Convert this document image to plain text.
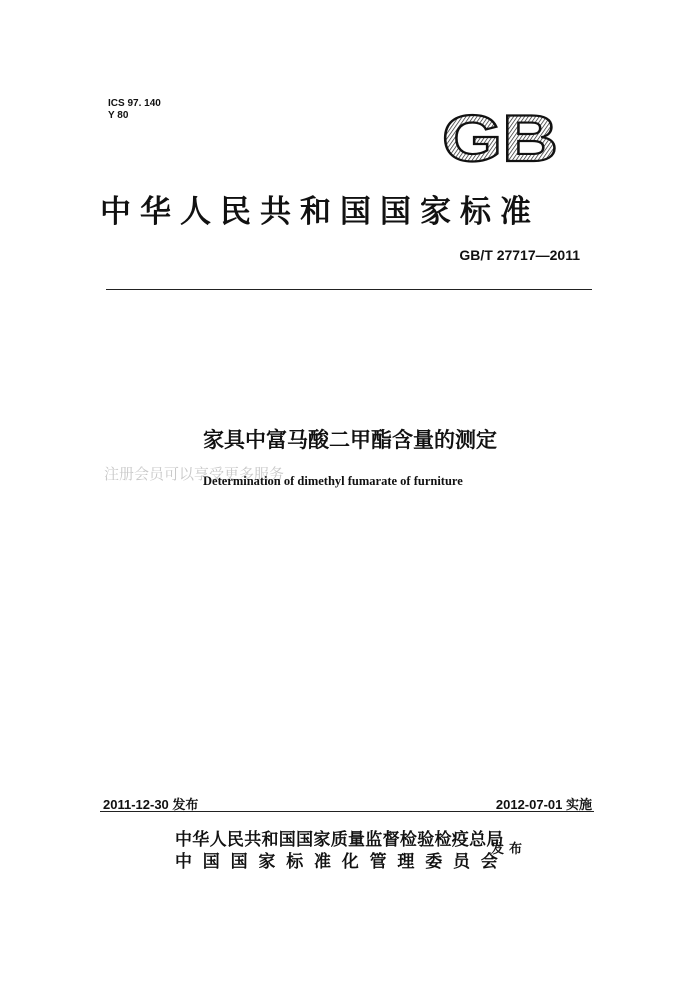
ICS 97. 140
Y 80	GB
中华人民共和国国家标准
GB/T 27717—2011
家具中富马酸二甲酯含量的测定
注册会员可以享受更多服务
Determination of dimethyl fumarate of furniture
2011-12-30 发布	2012-07-01 实施
中华人民共和国国家质量监督检验检疫总局
中国国家标准化管理委员会
发布
